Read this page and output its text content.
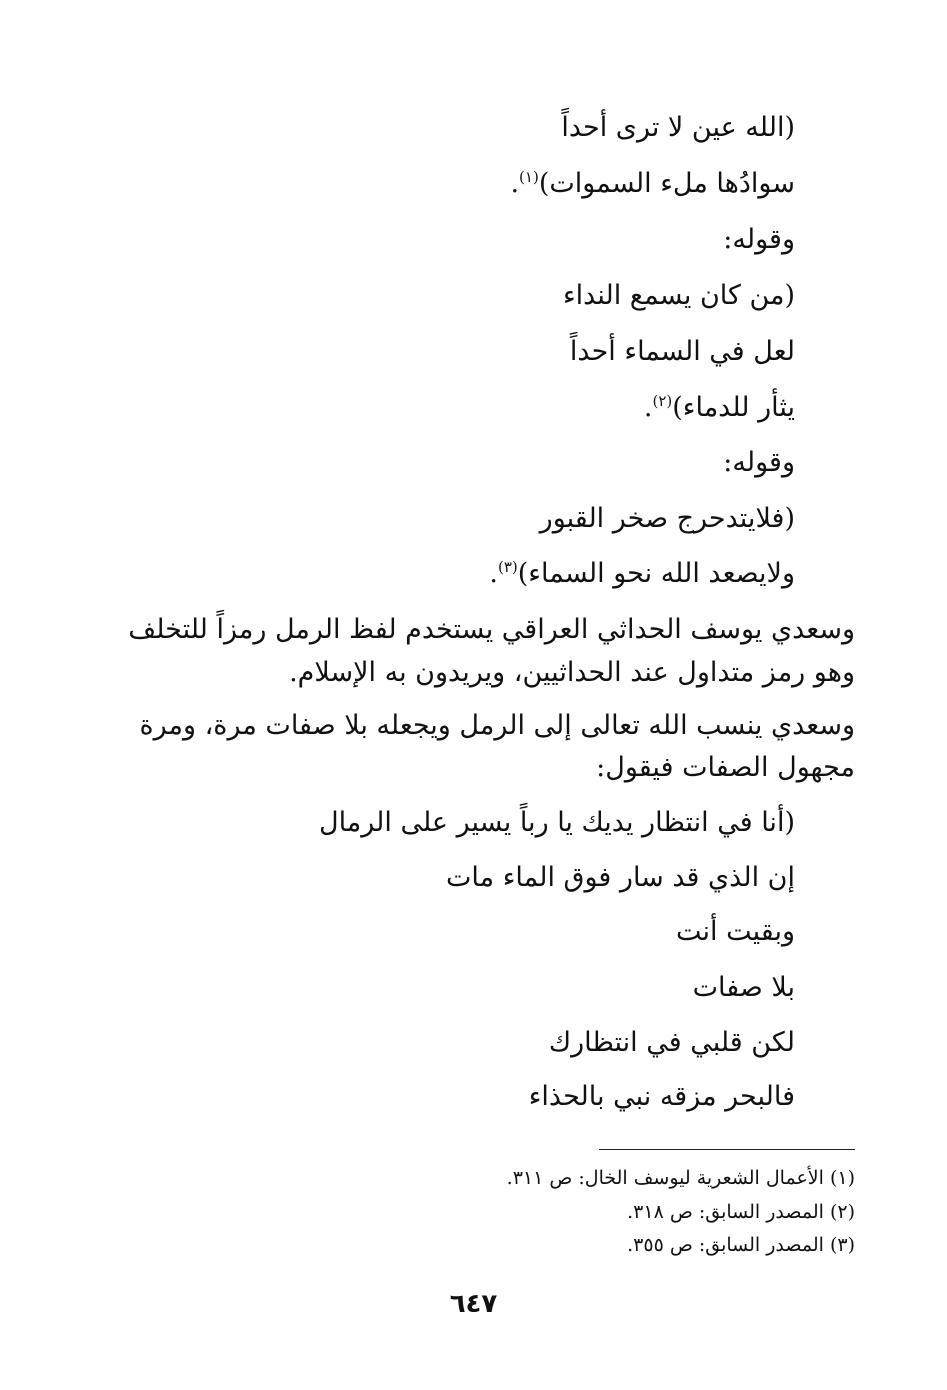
(الله عين لا ترى أحداً
سوادُها ملء السموات)$^{(١)}$.
وقوله:
(من كان يسمع النداء
لعل في السماء أحداً
يثأر للدماء)$^{(٢)}$.
وقوله:
(فلايتدحرج صخر القبور
ولايصعد الله نحو السماء)$^{(٣)}$.
وسعدي يوسف الحداثي العراقي يستخدم لفظ الرمل رمزاً للتخلف
وهو رمز متداول عند الحداثيين، ويريدون به الإسلام.
وسعدي ينسب الله تعالى إلى الرمل ويجعله بلا صفات مرة، ومرة
مجهول الصفات فيقول:
(أنا في انتظار يديك يا رباً يسير على الرمال
إن الذي قد سار فوق الماء مات
وبقيت أنت
بلا صفات
لكن قلبي في انتظارك
فالبحر مزقه نبي بالحذاء
(١) الأعمال الشعرية ليوسف الخال: ص ٣١١.
(٢) المصدر السابق: ص ٣١٨.
(٣) المصدر السابق: ص ٣٥٥.
٦٤٧
